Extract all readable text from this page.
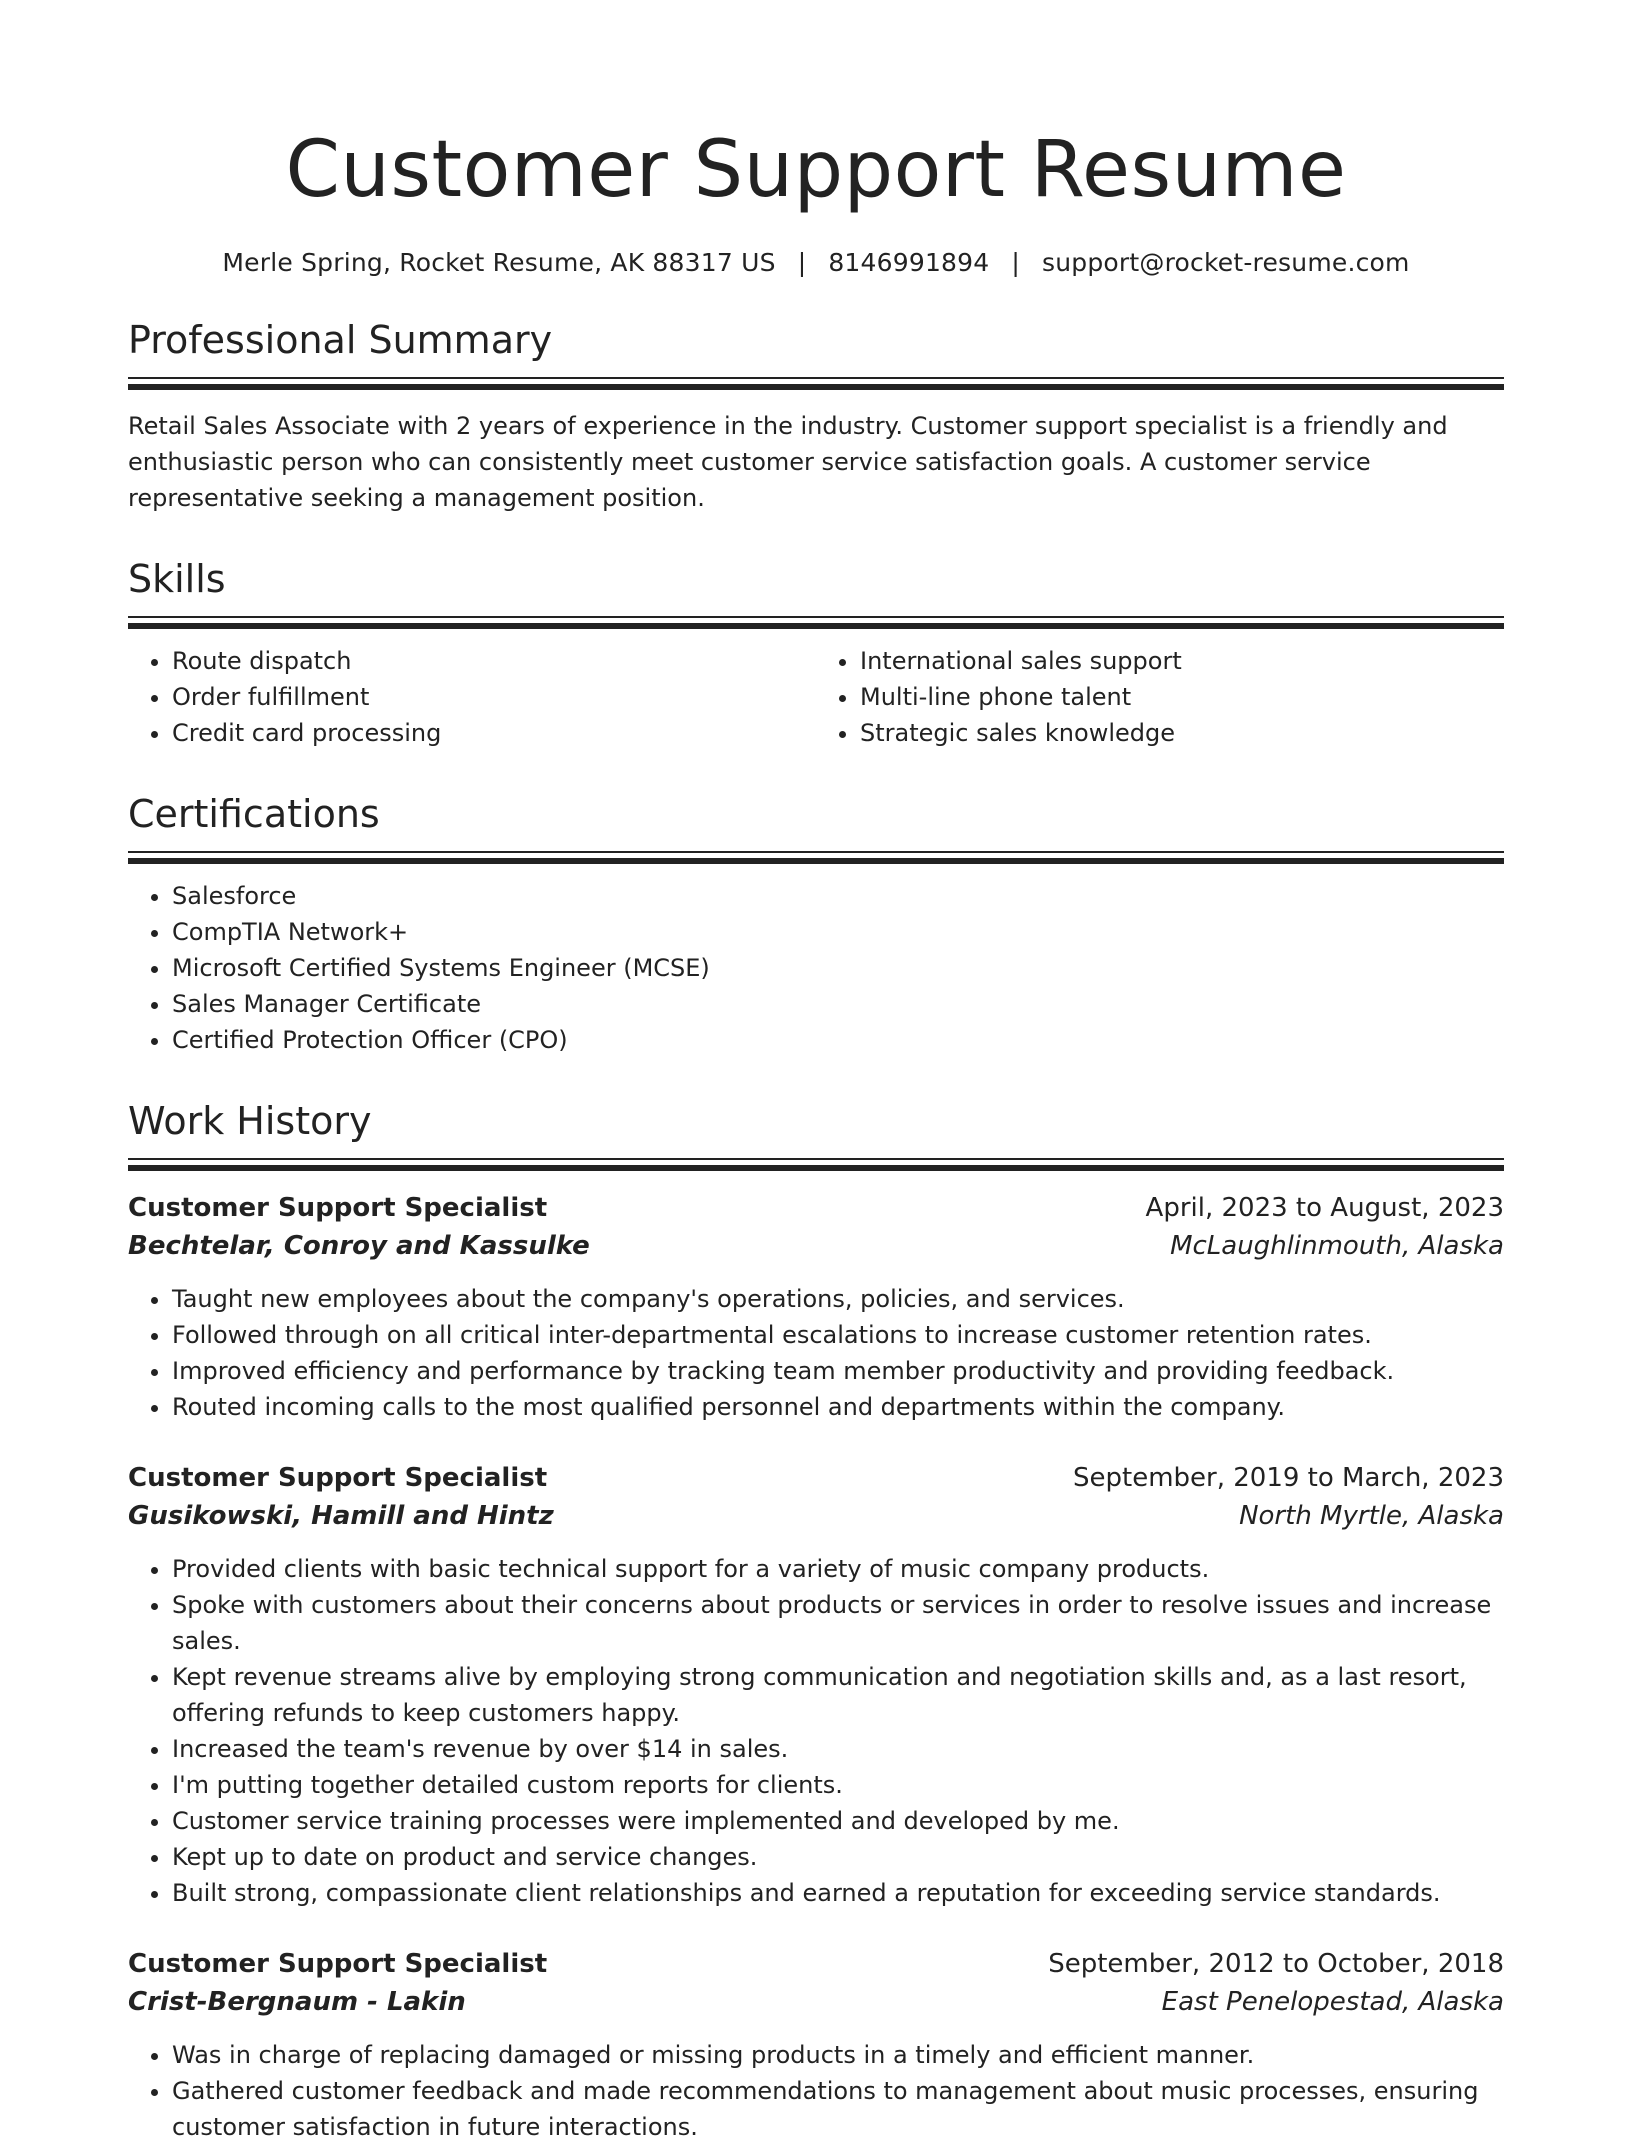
Customer Support Resume
Merle Spring, Rocket Resume, AK 88317 US | 8146991894 | support@rocket-resume.com
Professional Summary
Retail Sales Associate with 2 years of experience in the industry. Customer support specialist is a friendly and enthusiastic person who can consistently meet customer service satisfaction goals. A customer service representative seeking a management position.
Skills
• Route dispatch
• Order fulfillment
• Credit card processing
• International sales support
• Multi-line phone talent
• Strategic sales knowledge
Certifications
• Salesforce
• CompTIA Network+
• Microsoft Certified Systems Engineer (MCSE)
• Sales Manager Certificate
• Certified Protection Officer (CPO)
Work History
Customer Support Specialist	April, 2023 to August, 2023
Bechtelar, Conroy and Kassulke	McLaughlinmouth, Alaska
• Taught new employees about the company's operations, policies, and services.
• Followed through on all critical inter-departmental escalations to increase customer retention rates.
• Improved efficiency and performance by tracking team member productivity and providing feedback.
• Routed incoming calls to the most qualified personnel and departments within the company.
Customer Support Specialist	September, 2019 to March, 2023
Gusikowski, Hamill and Hintz	North Myrtle, Alaska
• Provided clients with basic technical support for a variety of music company products.
• Spoke with customers about their concerns about products or services in order to resolve issues and increase sales.
• Kept revenue streams alive by employing strong communication and negotiation skills and, as a last resort, offering refunds to keep customers happy.
• Increased the team's revenue by over $14 in sales.
• I'm putting together detailed custom reports for clients.
• Customer service training processes were implemented and developed by me.
• Kept up to date on product and service changes.
• Built strong, compassionate client relationships and earned a reputation for exceeding service standards.
Customer Support Specialist	September, 2012 to October, 2018
Crist-Bergnaum - Lakin	East Penelopestad, Alaska
• Was in charge of replacing damaged or missing products in a timely and efficient manner.
• Gathered customer feedback and made recommendations to management about music processes, ensuring customer satisfaction in future interactions.
